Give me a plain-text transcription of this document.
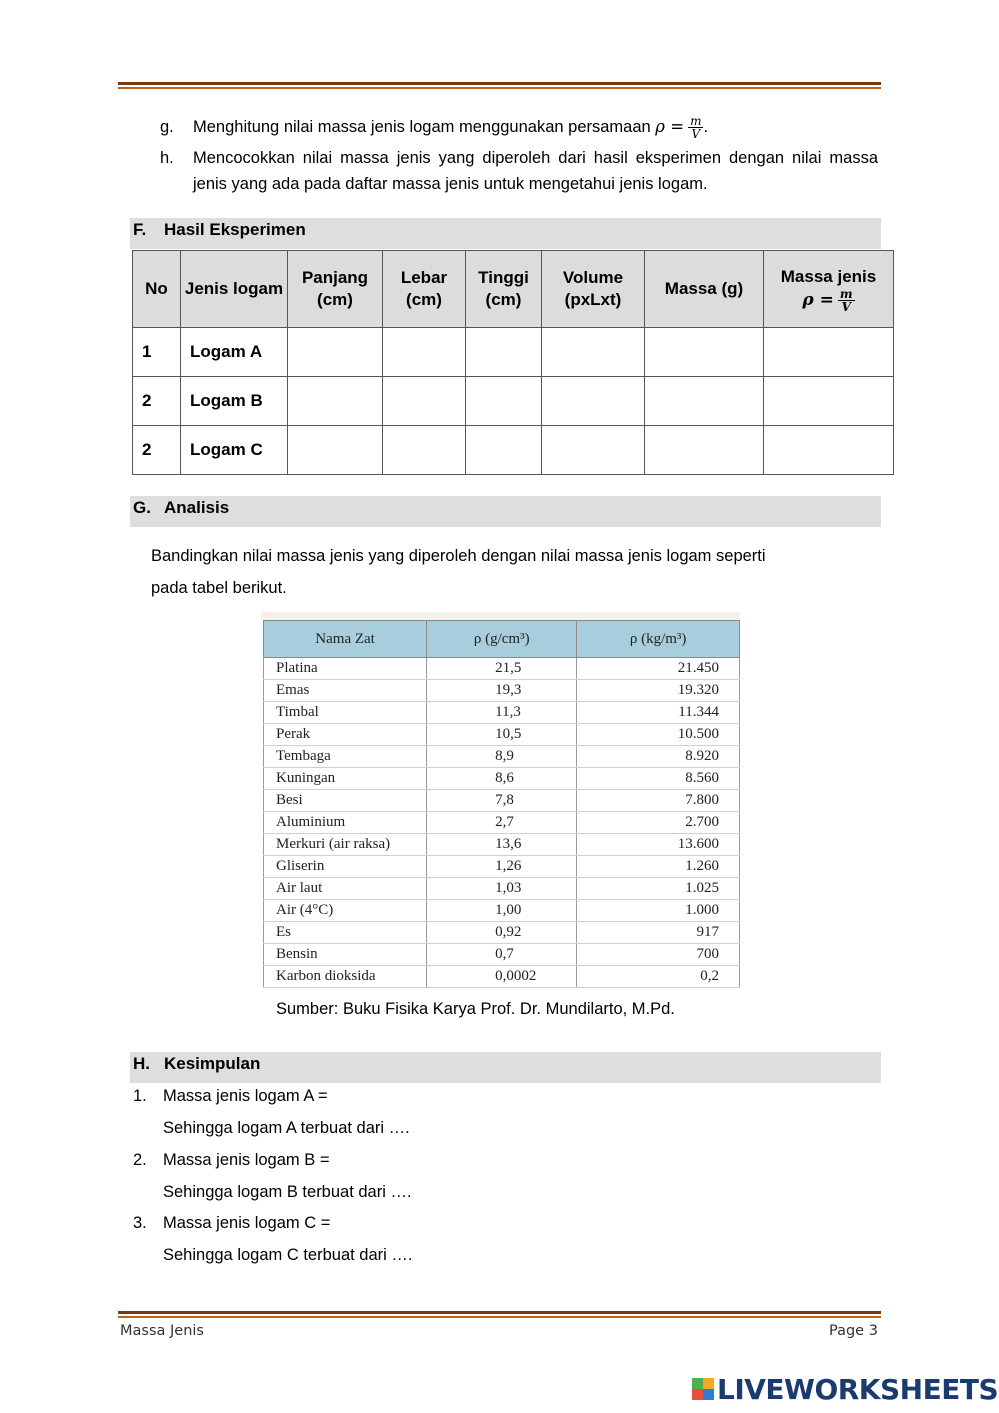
g. Menghitung nilai massa jenis logam menggunakan persamaan $\rho = \frac{m}{V}$ .
h. Mencocokkan nilai massa jenis yang diperoleh dari hasil eksperimen dengan nilai massa jenis yang ada pada daftar massa jenis untuk mengetahui jenis logam.
F. Hasil Eksperimen
No	Jenis logam	Panjang (cm)	Lebar (cm)	Tinggi (cm)	Volume (pxLxt)	Massa (g)	Massa jenis
$\rho = \frac{m}{V}$

1	Logam A						
2	Logam B						
2	Logam C						
G. Analisis
Bandingkan nilai massa jenis yang diperoleh dengan nilai massa jenis logam seperti
pada tabel berikut.
Nama Zat	ρ (g/cm³)	ρ (kg/m³)
Platina	21,5	21.450
Emas	19,3	19.320
Timbal	11,3	11.344
Perak	10,5	10.500
Tembaga	8,9	8.920
Kuningan	8,6	8.560
Besi	7,8	7.800
Aluminium	2,7	2.700
Merkuri (air raksa)	13,6	13.600
Gliserin	1,26	1.260
Air laut	1,03	1.025
Air (4°C)	1,00	1.000
Es	0,92	917
Bensin	0,7	700
Karbon dioksida	0,0002	0,2
Sumber: Buku Fisika Karya Prof. Dr. Mundilarto, M.Pd.
H. Kesimpulan
1. Massa jenis logam A =
Sehingga logam A terbuat dari ….
2. Massa jenis logam B =
Sehingga logam B terbuat dari ….
3. Massa jenis logam C =
Sehingga logam C terbuat dari ….
Massa Jenis	Page 3
LIVEWORKSHEETS
